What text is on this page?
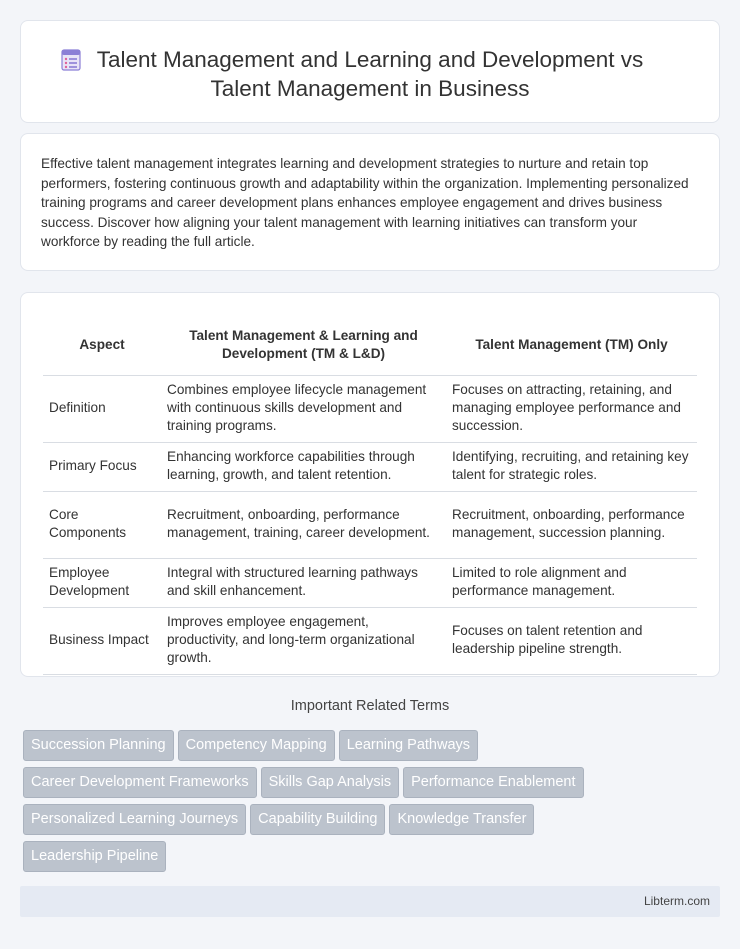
Talent Management and Learning and Development vs
Talent Management in Business

Effective talent management integrates learning and development strategies to nurture and retain top performers, fostering continuous growth and adaptability within the organization. Implementing personalized training programs and career development plans enhances employee engagement and drives business success. Discover how aligning your talent management with learning initiatives can transform your workforce by reading the full article.

Aspect	Talent Management & Learning and Development (TM & L&D)	Talent Management (TM) Only
Definition	Combines employee lifecycle management with continuous skills development and training programs.	Focuses on attracting, retaining, and managing employee performance and succession.
Primary Focus	Enhancing workforce capabilities through learning, growth, and talent retention.	Identifying, recruiting, and retaining key talent for strategic roles.
Core Components	Recruitment, onboarding, performance management, training, career development.	Recruitment, onboarding, performance management, succession planning.
Employee Development	Integral with structured learning pathways and skill enhancement.	Limited to role alignment and performance management.
Business Impact	Improves employee engagement, productivity, and long-term organizational growth.	Focuses on talent retention and leadership pipeline strength.
Important Related Terms
Succession Planning Competency Mapping Learning Pathways
Career Development Frameworks Skills Gap Analysis Performance Enablement
Personalized Learning Journeys Capability Building Knowledge Transfer
Leadership Pipeline
Libterm.com
